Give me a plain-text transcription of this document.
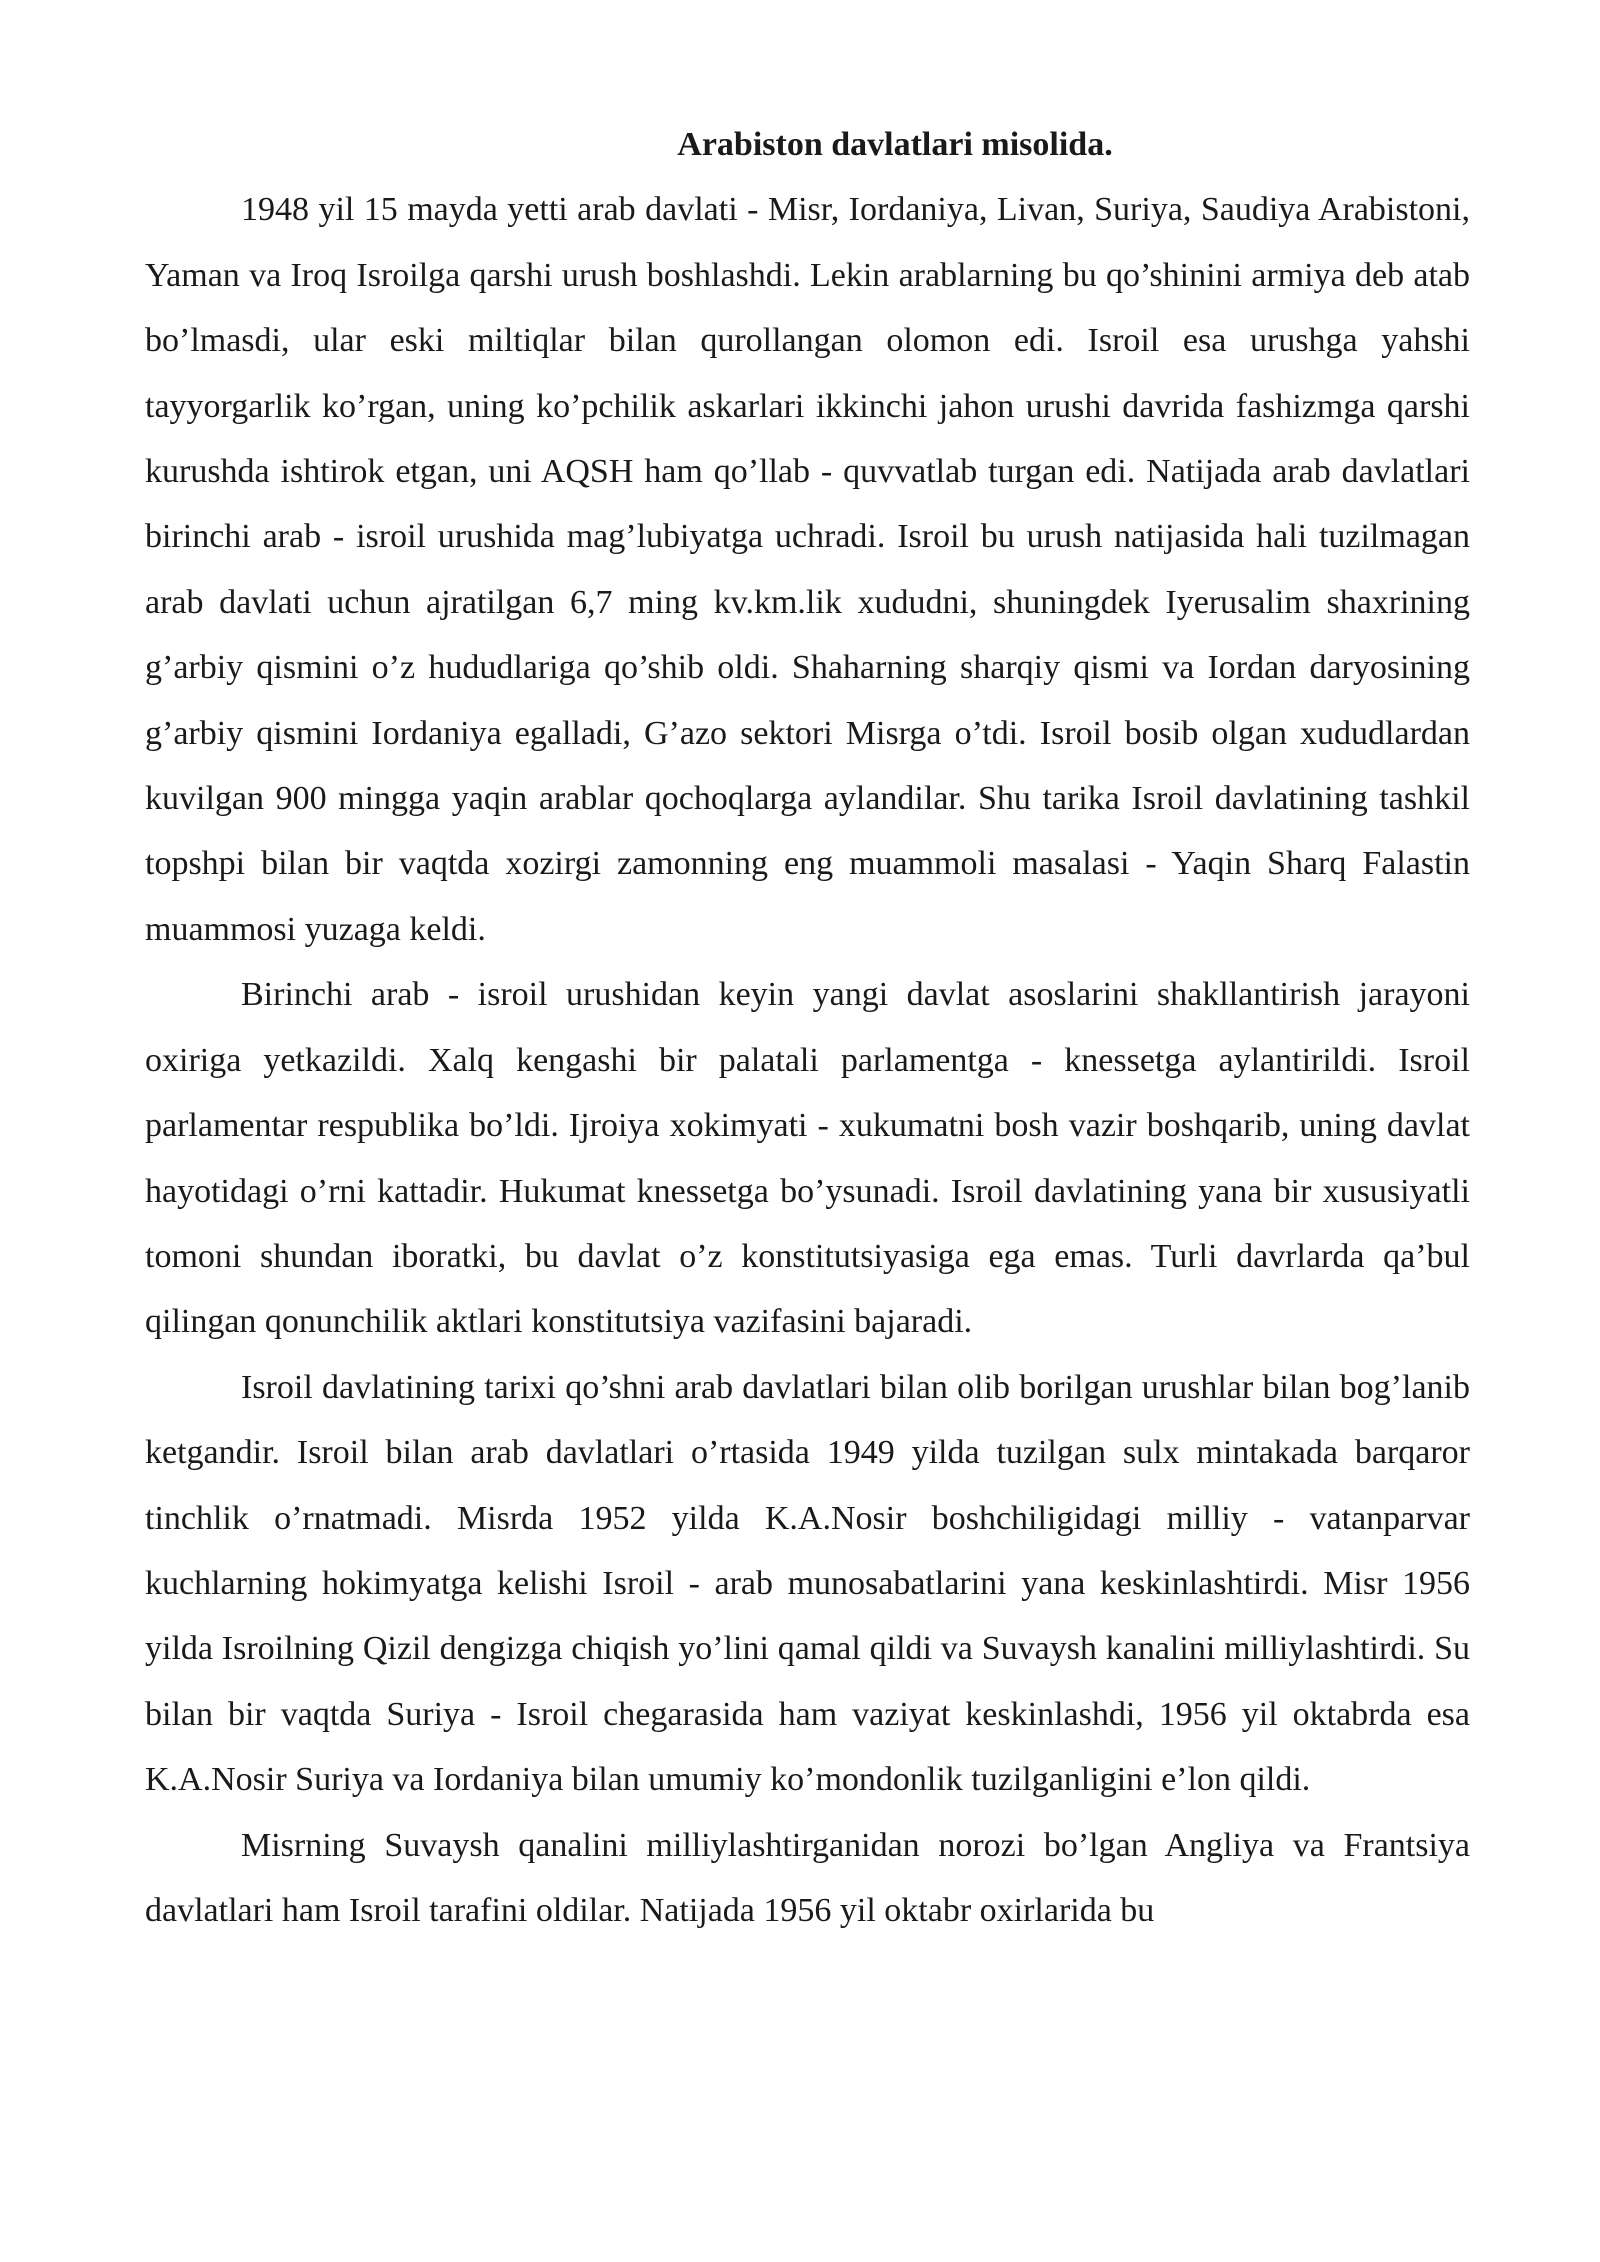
Arabiston davlatlari misolida.

1948 yil 15 mayda yetti arab davlati - Misr, Iordaniya, Livan, Suriya, Saudiya Arabistoni, Yaman va Iroq Isroilga qarshi urush boshlashdi. Lekin arablarning bu qo’shinini armiya deb atab bo’lmasdi, ular eski miltiqlar bilan qurollangan olomon edi. Isroil esa urushga yahshi tayyorgarlik ko’rgan, uning ko’pchilik askarlari ikkinchi jahon urushi davrida fashizmga qarshi kurushda ishtirok etgan, uni AQSH ham qo’llab - quvvatlab turgan edi. Natijada arab davlatlari birinchi arab - isroil urushida mag’lubiyatga uchradi. Isroil bu urush natijasida hali tuzilmagan arab davlati uchun ajratilgan 6,7 ming kv.km.lik xududni, shuningdek Iyerusalim shaxrining g’arbiy qismini o’z hududlariga qo’shib oldi. Shaharning sharqiy qismi va Iordan daryosining g’arbiy qismini Iordaniya egalladi, G’azo sektori Misrga o’tdi. Isroil bosib olgan xududlardan kuvilgan 900 mingga yaqin arablar qochoqlarga aylandilar. Shu tarika Isroil davlatining tashkil topshpi bilan bir vaqtda xozirgi zamonning eng muammoli masalasi - Yaqin Sharq Falastin muammosi yuzaga keldi.

Birinchi arab - isroil urushidan keyin yangi davlat asoslarini shakllantirish jarayoni oxiriga yetkazildi. Xalq kengashi bir palatali parlamentga - knessetga aylantirildi. Isroil parlamentar respublika bo’ldi. Ijroiya xokimyati - xukumatni bosh vazir boshqarib, uning davlat hayotidagi o’rni kattadir. Hukumat knessetga bo’ysunadi. Isroil davlatining yana bir xususiyatli tomoni shundan iboratki, bu davlat o’z konstitutsiyasiga ega emas. Turli davrlarda qa’bul qilingan qonunchilik aktlari konstitutsiya vazifasini bajaradi.

Isroil davlatining tarixi qo’shni arab davlatlari bilan olib borilgan urushlar bilan bog’lanib ketgandir. Isroil bilan arab davlatlari o’rtasida 1949 yilda tuzilgan sulx mintakada barqaror tinchlik o’rnatmadi. Misrda 1952 yilda K.A.Nosir boshchiligidagi milliy - vatanparvar kuchlarning hokimyatga kelishi Isroil - arab munosabatlarini yana keskinlashtirdi. Misr 1956 yilda Isroilning Qizil dengizga chiqish yo’lini qamal qildi va Suvaysh kanalini milliylashtirdi. Su bilan bir vaqtda Suriya - Isroil chegarasida ham vaziyat keskinlashdi, 1956 yil oktabrda esa K.A.Nosir Suriya va Iordaniya bilan umumiy ko’mondonlik tuzilganligini e’lon qildi.

Misrning Suvaysh qanalini milliylashtirganidan norozi bo’lgan Angliya va Frantsiya davlatlari ham Isroil tarafini oldilar. Natijada 1956 yil oktabr oxirlarida bu
